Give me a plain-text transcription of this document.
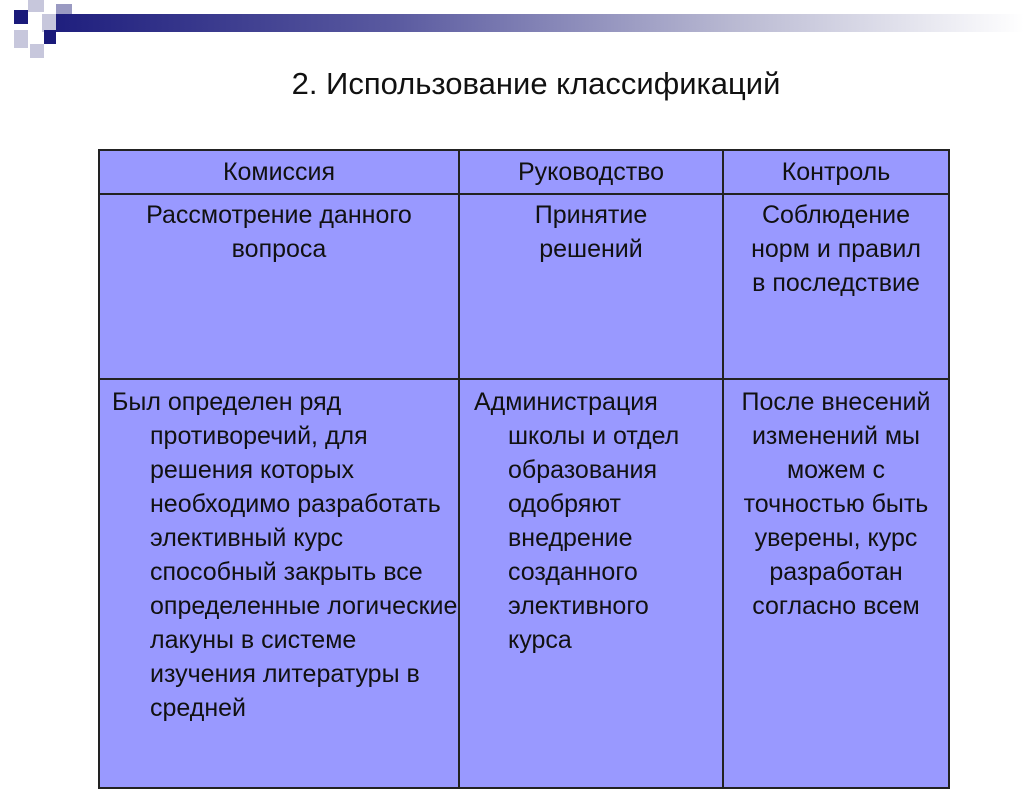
2. Использование классификаций
Комиссия	Руководство	Контроль

Рассмотрение данного вопроса	Принятие решений	Соблюдение норм и правил в последствие

Был определен ряд противоречий, для решения которых необходимо разработать элективный курс способный закрыть все определенные логические лакуны в системе изучения литературы в средней	Администрация школы и отдел образования одобряют внедрение созданного элективного курса	После внесений изменений мы можем с точностью быть уверены, курс разработан согласно всем
